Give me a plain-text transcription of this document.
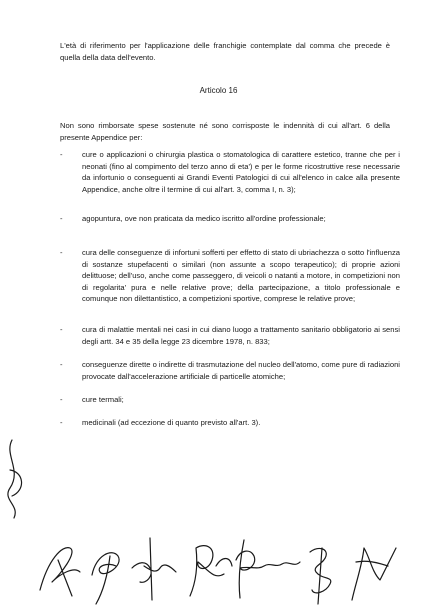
L'età di riferimento per l'applicazione delle franchigie contemplate dal comma che precede è quella della data dell'evento.
Articolo 16
Non sono rimborsate spese sostenute né sono corrisposte le indennità di cui all'art. 6 della presente Appendice per:
-	cure o applicazioni o chirurgia plastica o stomatologica di carattere estetico, tranne che per i neonati (fino al compimento del terzo anno di eta') e per le forme ricostruttive rese necessarie da infortunio o conseguenti ai Grandi Eventi Patologici di cui all'elenco in calce alla presente Appendice, anche oltre il termine di cui all'art. 3, comma I, n. 3);
-	agopuntura, ove non praticata da medico iscritto all'ordine professionale;
-	cura delle conseguenze di infortuni sofferti per effetto di stato di ubriachezza o sotto l'influenza di sostanze stupefacenti o similari (non assunte a scopo terapeutico); di proprie azioni delittuose; dell'uso, anche come passeggero, di veicoli o natanti a motore, in competizioni non di regolarita' pura e nelle relative prove; della partecipazione, a titolo professionale e comunque non dilettantistico, a competizioni sportive, comprese le relative prove;
-	cura di malattie mentali nei casi in cui diano luogo a trattamento sanitario obbligatorio ai sensi degli artt. 34 e 35 della legge 23 dicembre 1978, n. 833;
-	conseguenze dirette o indirette di trasmutazione del nucleo dell'atomo, come pure di radiazioni provocate dall'accelerazione artificiale di particelle atomiche;
-	cure termali;
-	medicinali (ad eccezione di quanto previsto all'art. 3).
